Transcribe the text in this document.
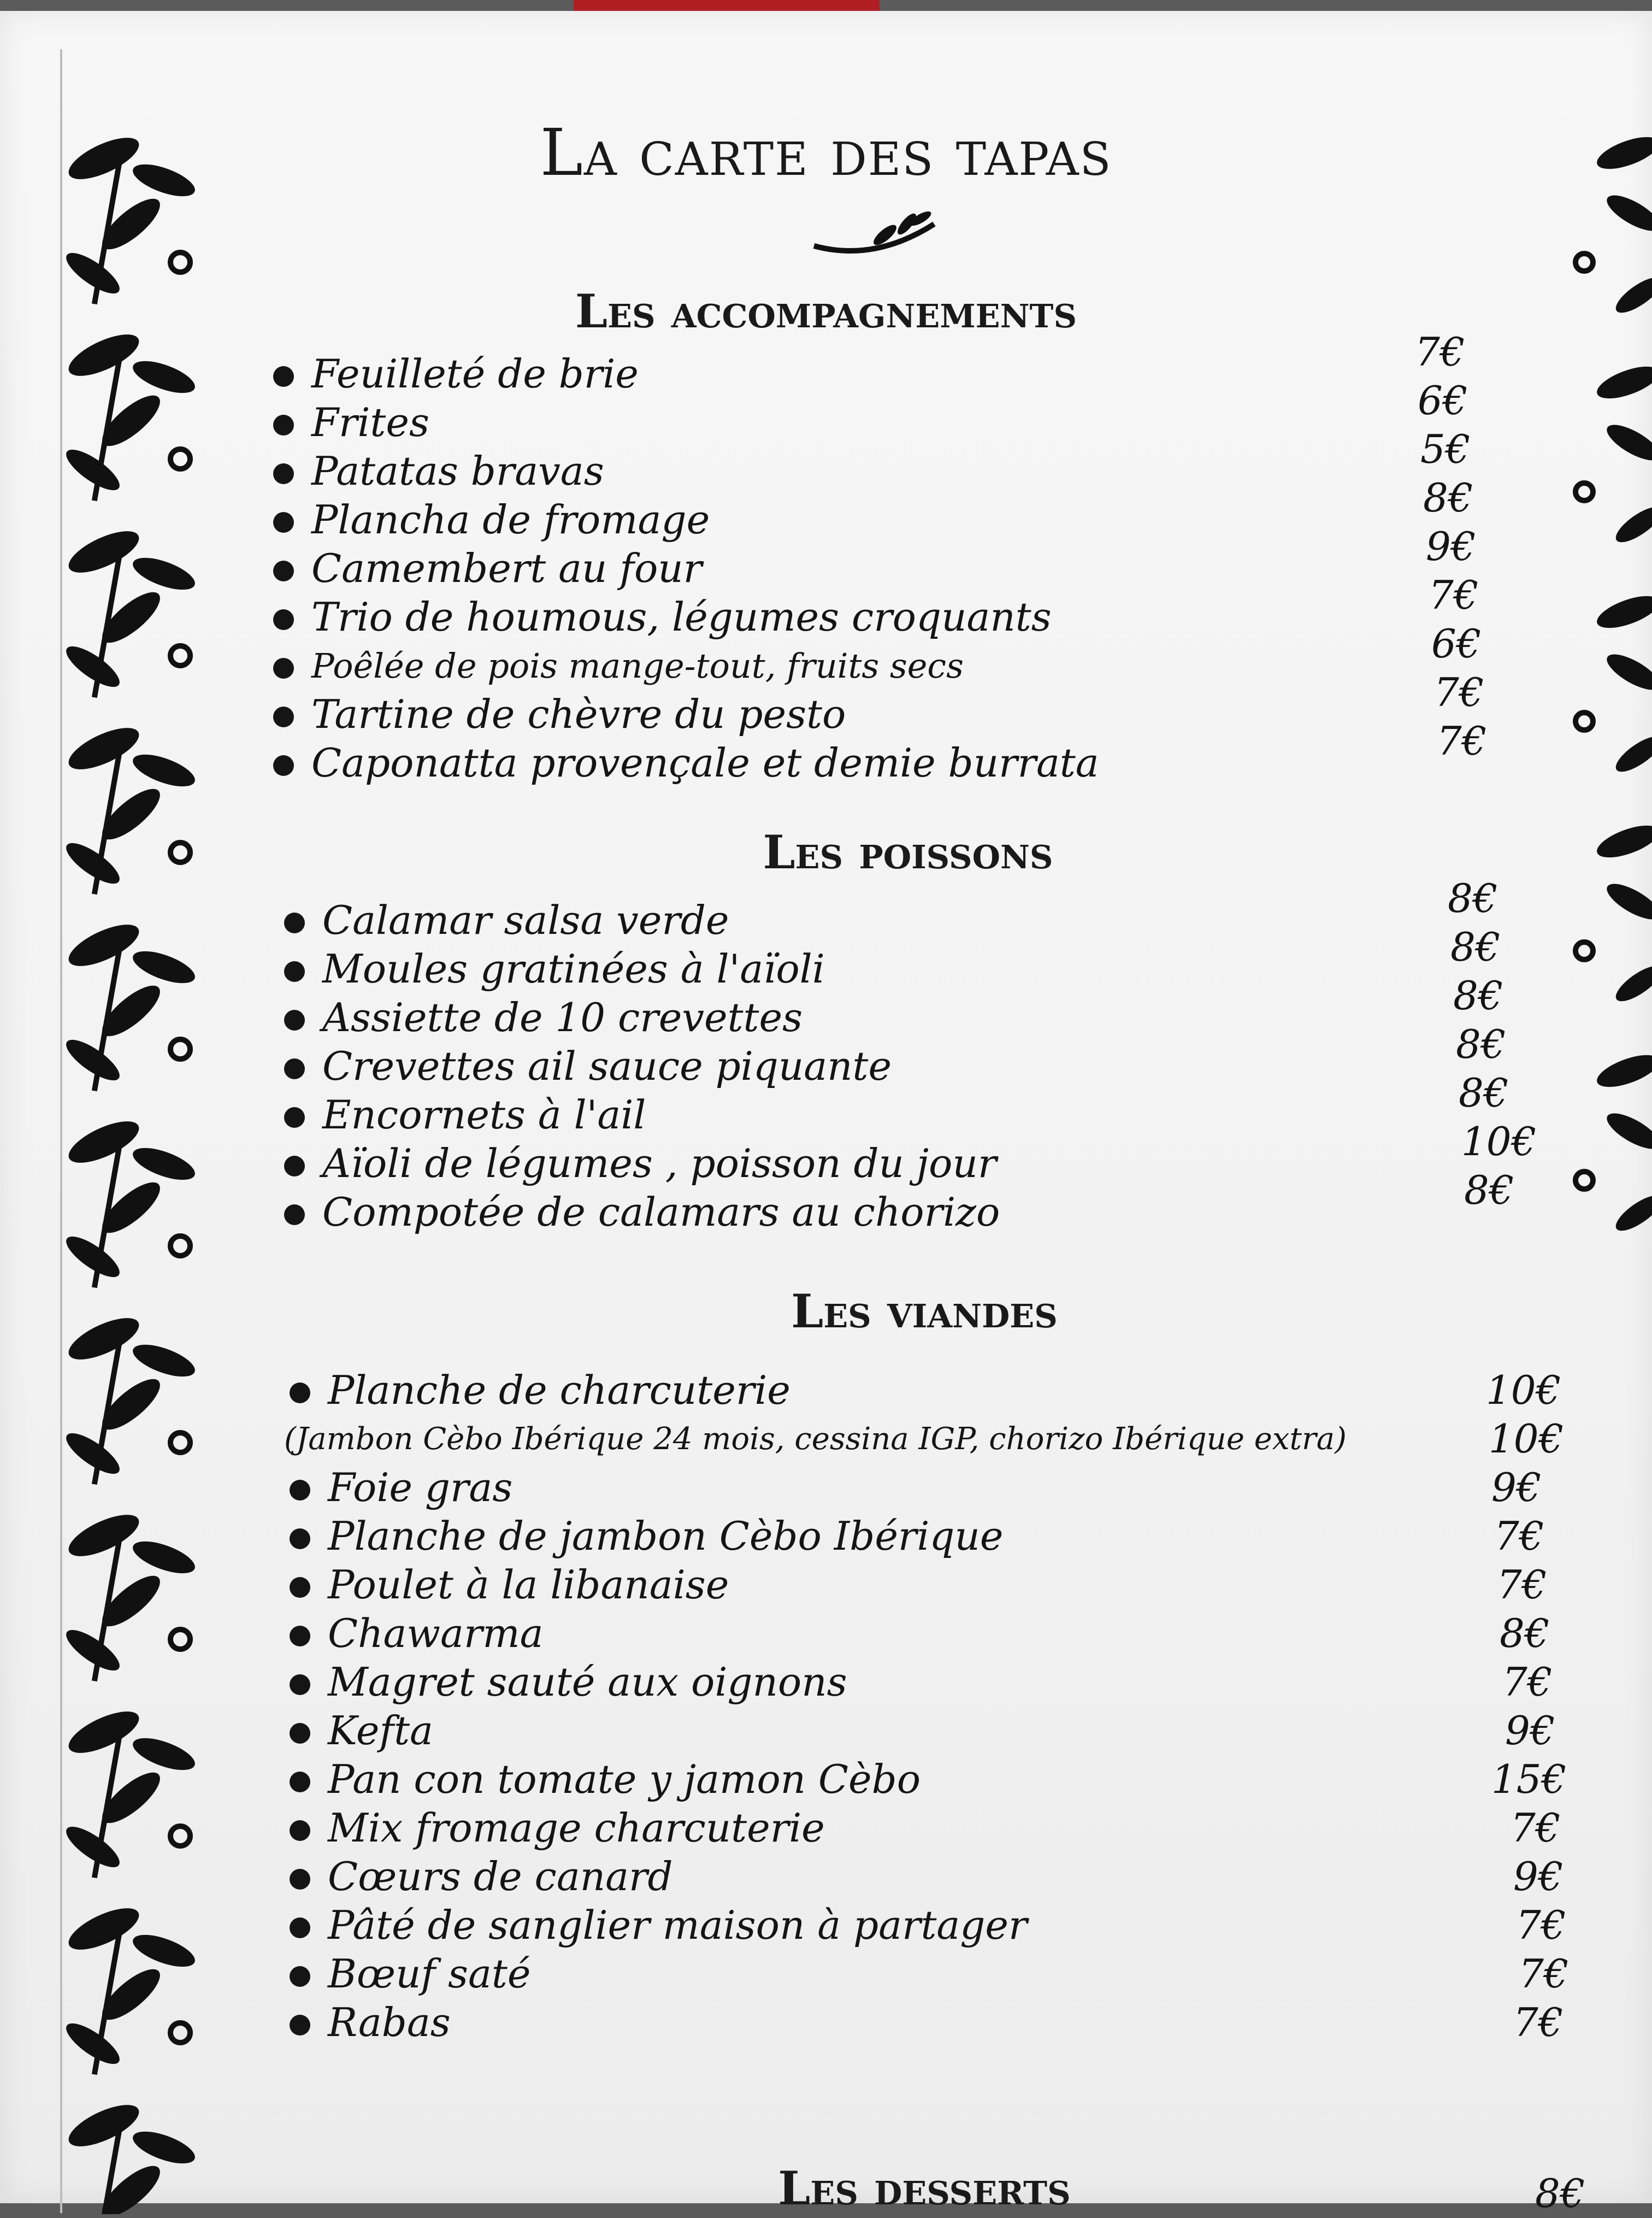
La carte des tapas
Les accompagnements
Feuilleté de brie	7€
Frites	6€
Patatas bravas	5€
Plancha de fromage	8€
Camembert au four	9€
Trio de houmous, légumes croquants	7€
Poêlée de pois mange-tout, fruits secs	6€
Tartine de chèvre du pesto	7€
Caponatta provençale et demie burrata	7€
Les poissons
Calamar salsa verde	8€
Moules gratinées à l'aïoli	8€
Assiette de 10 crevettes	8€
Crevettes ail sauce piquante	8€
Encornets à l'ail	8€
Aïoli de légumes , poisson du jour	10€
Compotée de calamars au chorizo	8€
Les viandes
Planche de charcuterie	10€
(Jambon Cèbo Ibérique 24 mois, cessina IGP, chorizo Ibérique extra)	10€
Foie gras	9€
Planche de jambon Cèbo Ibérique	7€
Poulet à la libanaise	7€
Chawarma	8€
Magret sauté aux oignons	7€
Kefta	9€
Pan con tomate y jamon Cèbo	15€
Mix fromage charcuterie	7€
Cœurs de canard	9€
Pâté de sanglier maison à partager	7€
Bœuf saté	7€
Rabas	7€
Les desserts	8€
